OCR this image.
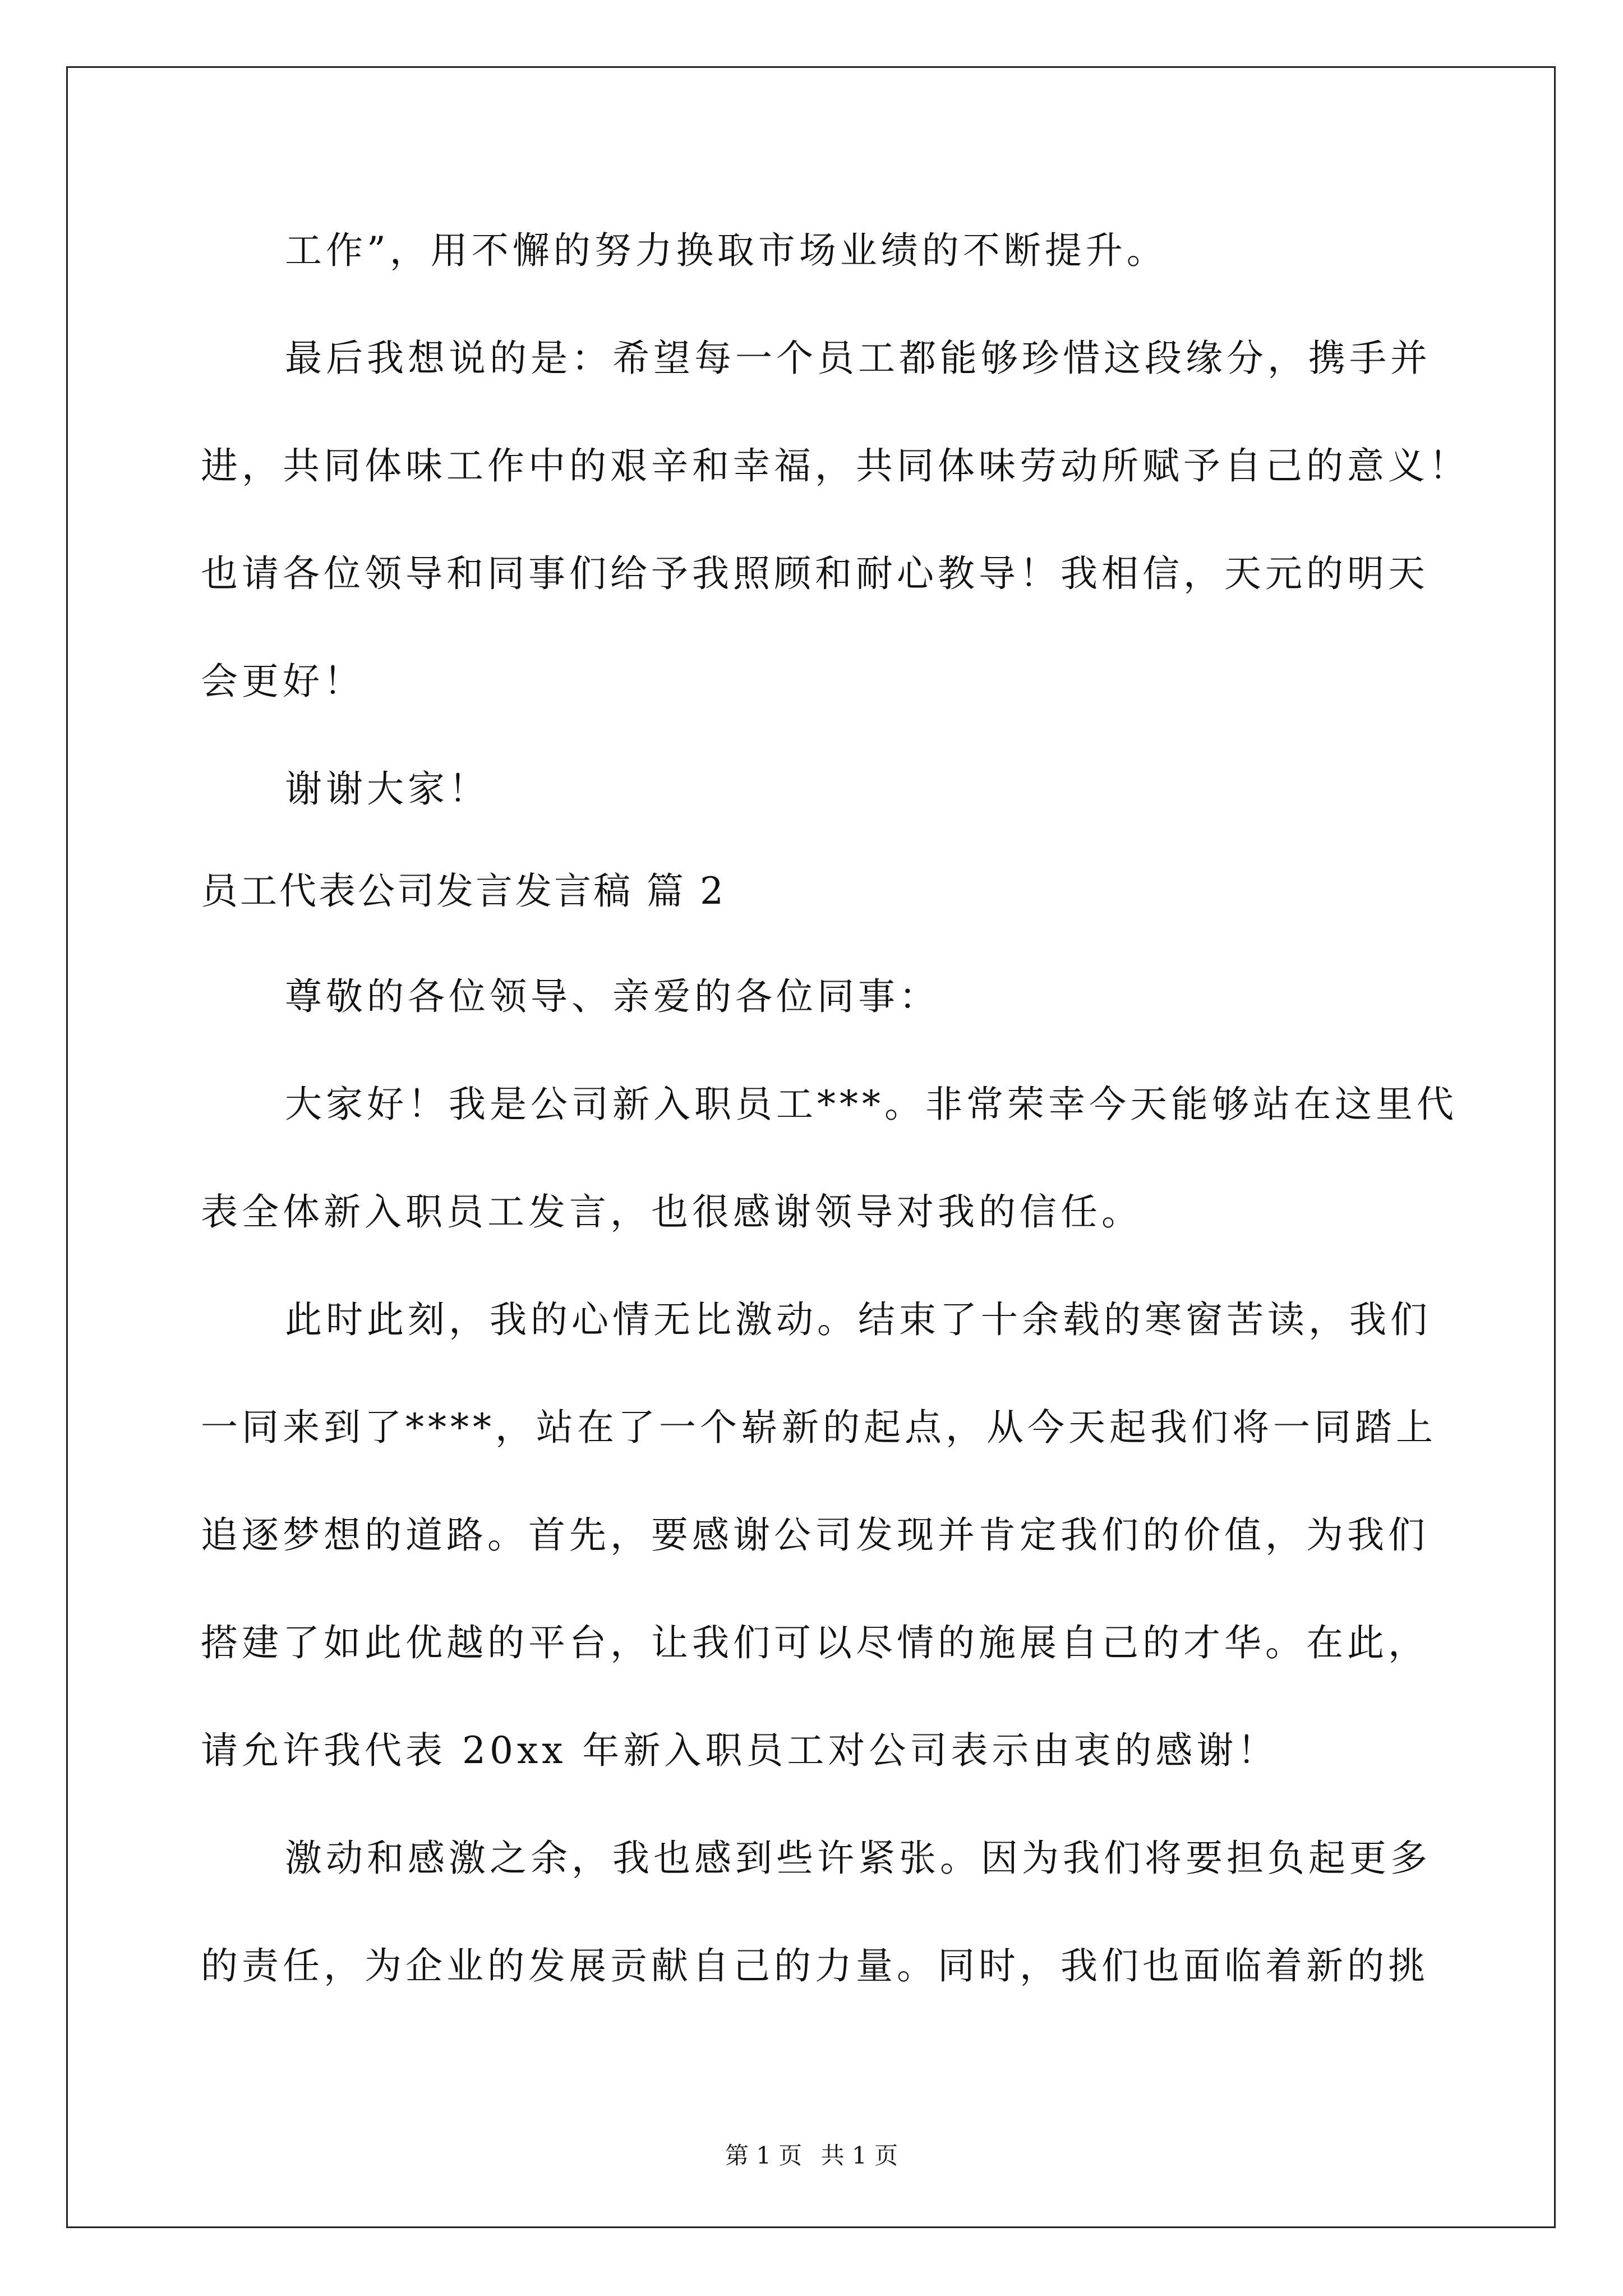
工作”，用不懈的努力换取市场业绩的不断提升。
最后我想说的是：希望每一个员工都能够珍惜这段缘分，携手并
进，共同体味工作中的艰辛和幸福，共同体味劳动所赋予自己的意义！
也请各位领导和同事们给予我照顾和耐心教导！我相信，天元的明天
会更好！
谢谢大家！
员工代表公司发言发言稿 篇 2
尊敬的各位领导、亲爱的各位同事：
大家好！我是公司新入职员工***。非常荣幸今天能够站在这里代
表全体新入职员工发言，也很感谢领导对我的信任。
此时此刻，我的心情无比激动。结束了十余载的寒窗苦读，我们
一同来到了****，站在了一个崭新的起点，从今天起我们将一同踏上
追逐梦想的道路。首先，要感谢公司发现并肯定我们的价值，为我们
搭建了如此优越的平台，让我们可以尽情的施展自己的才华。在此，
请允许我代表 20xx 年新入职员工对公司表示由衷的感谢！
激动和感激之余，我也感到些许紧张。因为我们将要担负起更多
的责任，为企业的发展贡献自己的力量。同时，我们也面临着新的挑
第 1 页 共 1 页
